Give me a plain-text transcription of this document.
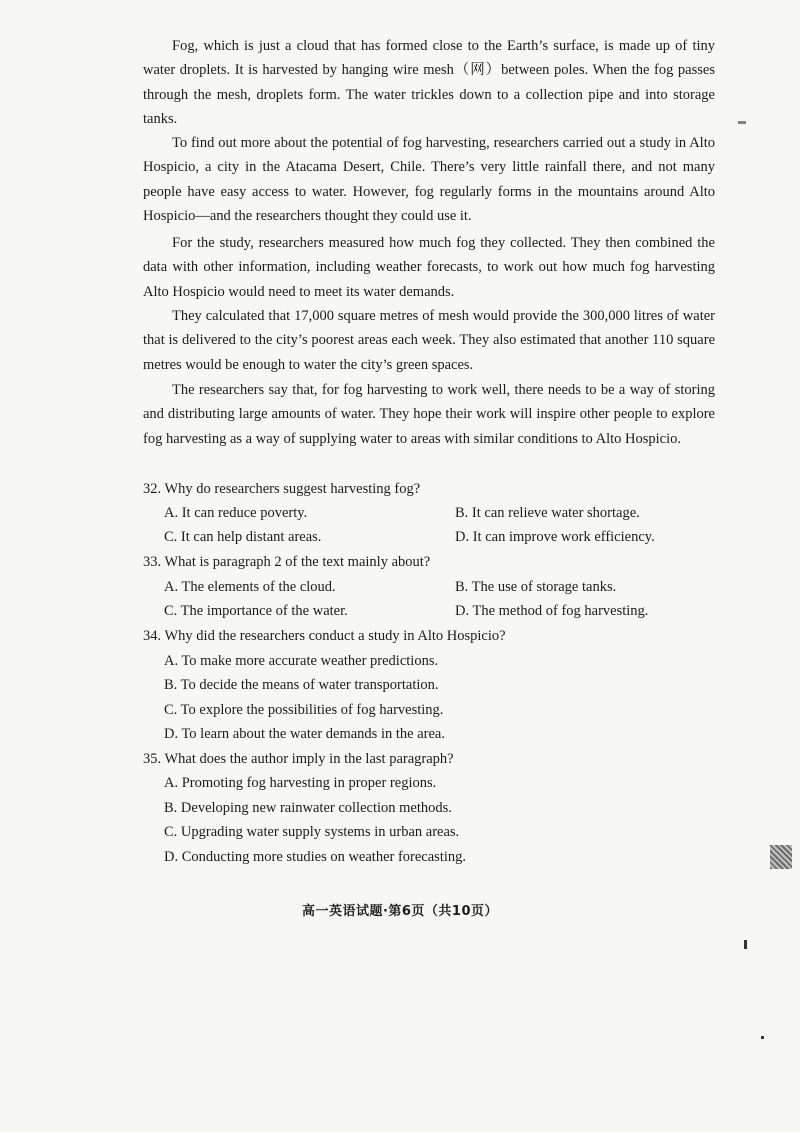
Fog, which is just a cloud that has formed close to the Earth’s surface, is made up of tiny water droplets. It is harvested by hanging wire mesh（网）between poles. When the fog passes through the mesh, droplets form. The water trickles down to a collection pipe and into storage tanks.

To find out more about the potential of fog harvesting, researchers carried out a study in Alto Hospicio, a city in the Atacama Desert, Chile. There’s very little rainfall there, and not many people have easy access to water. However, fog regularly forms in the mountains around Alto Hospicio—and the researchers thought they could use it.

For the study, researchers measured how much fog they collected. They then combined the data with other information, including weather forecasts, to work out how much fog harvesting Alto Hospicio would need to meet its water demands.

They calculated that 17,000 square metres of mesh would provide the 300,000 litres of water that is delivered to the city’s poorest areas each week. They also estimated that another 110 square metres would be enough to water the city’s green spaces.

The researchers say that, for fog harvesting to work well, there needs to be a way of storing and distributing large amounts of water. They hope their work will inspire other people to explore fog harvesting as a way of supplying water to areas with similar conditions to Alto Hospicio.

32. Why do researchers suggest harvesting fog?

A. It can reduce poverty.	B. It can relieve water shortage.

C. It can help distant areas.	D. It can improve work efficiency.

33. What is paragraph 2 of the text mainly about?

A. The elements of the cloud.	B. The use of storage tanks.

C. The importance of the water.	D. The method of fog harvesting.

34. Why did the researchers conduct a study in Alto Hospicio?

A. To make more accurate weather predictions.

B. To decide the means of water transportation.

C. To explore the possibilities of fog harvesting.

D. To learn about the water demands in the area.

35. What does the author imply in the last paragraph?

A. Promoting fog harvesting in proper regions.

B. Developing new rainwater collection methods.

C. Upgrading water supply systems in urban areas.

D. Conducting more studies on weather forecasting.

高一英语试题·第6页（共10页）
